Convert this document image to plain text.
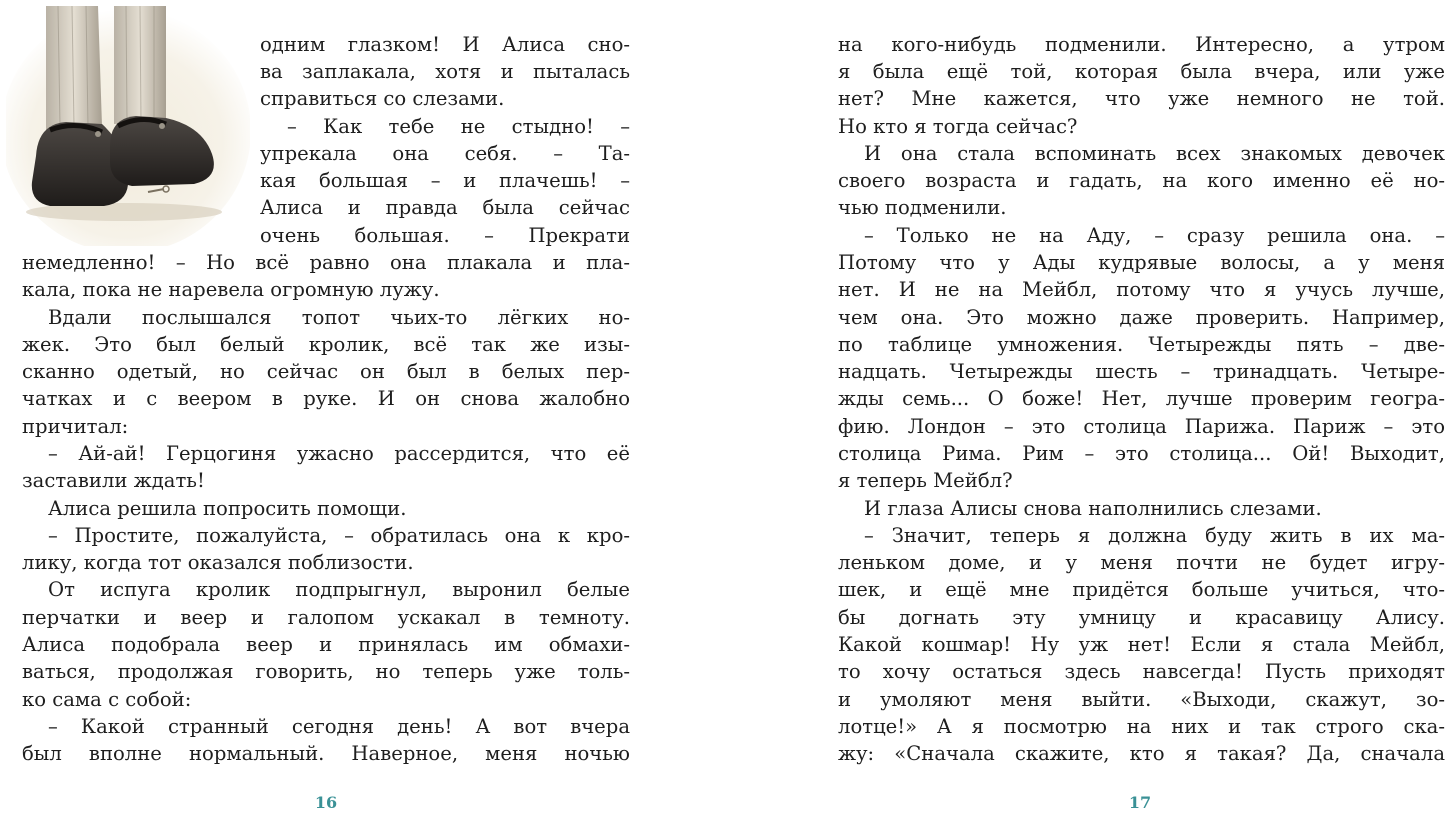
одним глазком! И Алиса сно-
ва заплакала, хотя и пыталась
справиться со слезами.
– Как тебе не стыдно! –
упрекала она себя. – Та-
кая большая – и плачешь! –
Алиса и правда была сейчас
очень большая. – Прекрати
немедленно! – Но всё равно она плакала и пла-
кала, пока не наревела огромную лужу.
Вдали послышался топот чьих-то лёгких но-
жек. Это был белый кролик, всё так же изы-
сканно одетый, но сейчас он был в белых пер-
чатках и с веером в руке. И он снова жалобно
причитал:
– Ай-ай! Герцогиня ужасно рассердится, что её
заставили ждать!
Алиса решила попросить помощи.
– Простите, пожалуйста, – обратилась она к кро-
лику, когда тот оказался поблизости.
От испуга кролик подпрыгнул, выронил белые
перчатки и веер и галопом ускакал в темноту.
Алиса подобрала веер и принялась им обмахи-
ваться, продолжая говорить, но теперь уже толь-
ко сама с собой:
– Какой странный сегодня день! А вот вчера
был вполне нормальный. Наверное, меня ночью
16
на кого-нибудь подменили. Интересно, а утром
я была ещё той, которая была вчера, или уже
нет? Мне кажется, что уже немного не той.
Но кто я тогда сейчас?
И она стала вспоминать всех знакомых девочек
своего возраста и гадать, на кого именно её но-
чью подменили.
– Только не на Аду, – сразу решила она. –
Потому что у Ады кудрявые волосы, а у меня
нет. И не на Мейбл, потому что я учусь лучше,
чем она. Это можно даже проверить. Например,
по таблице умножения. Четырежды пять – две-
надцать. Четырежды шесть – тринадцать. Четыре-
жды семь... О боже! Нет, лучше проверим геогра-
фию. Лондон – это столица Парижа. Париж – это
столица Рима. Рим – это столица... Ой! Выходит,
я теперь Мейбл?
И глаза Алисы снова наполнились слезами.
– Значит, теперь я должна буду жить в их ма-
леньком доме, и у меня почти не будет игру-
шек, и ещё мне придётся больше учиться, что-
бы догнать эту умницу и красавицу Алису.
Какой кошмар! Ну уж нет! Если я стала Мейбл,
то хочу остаться здесь навсегда! Пусть приходят
и умоляют меня выйти. «Выходи, скажут, зо-
лотце!» А я посмотрю на них и так строго ска-
жу: «Сначала скажите, кто я такая? Да, сначала
17
